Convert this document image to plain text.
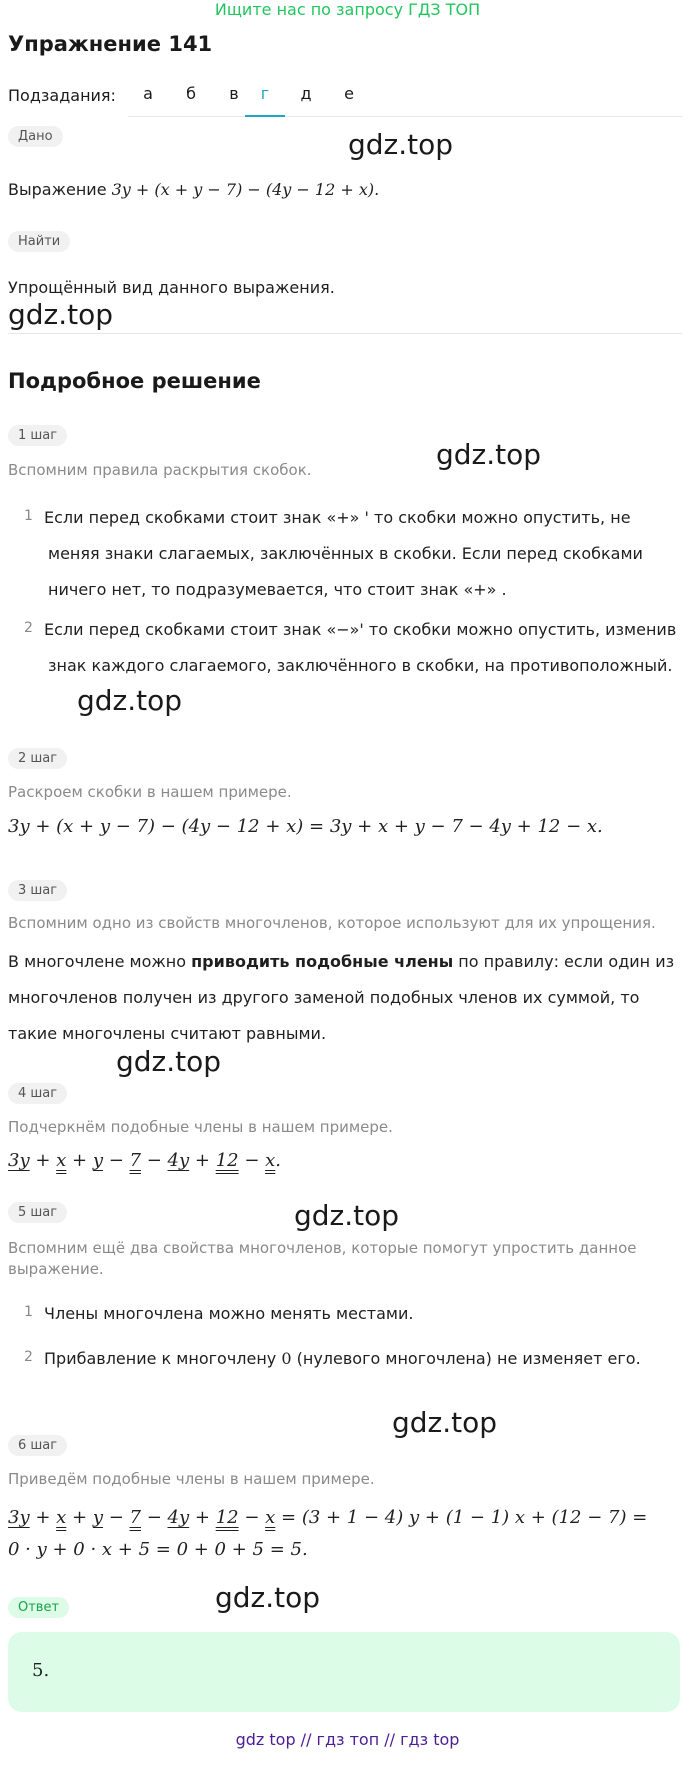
Ищите нас по запросу ГДЗ ТОП
Упражнение 141
Подзадания:	а	б	в	г	д	е
Дано	gdz.top
Выражение 3y + (x + y − 7) − (4y − 12 + x).
Найти
Упрощённый вид данного выражения.
gdz.top
Подробное решение
1 шаг
gdz.top
Вспомним правила раскрытия скобок.
1 Если перед скобками стоит знак «+» ' то скобки можно опустить, не
меняя знаки слагаемых, заключённых в скобки. Если перед скобками
ничего нет, то подразумевается, что стоит знак «+» .
2 Если перед скобками стоит знак «−»' то скобки можно опустить, изменив
знак каждого слагаемого, заключённого в скобки, на противоположный.
gdz.top
2 шаг
Раскроем скобки в нашем примере.
3y + (x + y − 7) − (4y − 12 + x) = 3y + x + y − 7 − 4y + 12 − x.
3 шаг
Вспомним одно из свойств многочленов, которое используют для их упрощения.
В многочлене можно приводить подобные члены по правилу: если один из
многочленов получен из другого заменой подобных членов их суммой, то
такие многочлены считают равными.
gdz.top
4 шаг
Подчеркнём подобные члены в нашем примере.
3y + x + y − 7 − 4y + 12 − x.
5 шаг	gdz.top
Вспомним ещё два свойства многочленов, которые помогут упростить данное
выражение.
1 Члены многочлена можно менять местами.
2 Прибавление к многочлену 0 (нулевого многочлена) не изменяет его.
gdz.top
6 шаг
Приведём подобные члены в нашем примере.
3y + x + y − 7 − 4y + 12 − x = (3 + 1 − 4) y + (1 − 1) x + (12 − 7) =
0 · y + 0 · x + 5 = 0 + 0 + 5 = 5.
Ответ	gdz.top
5.
gdz top // гдз топ // гдз top
